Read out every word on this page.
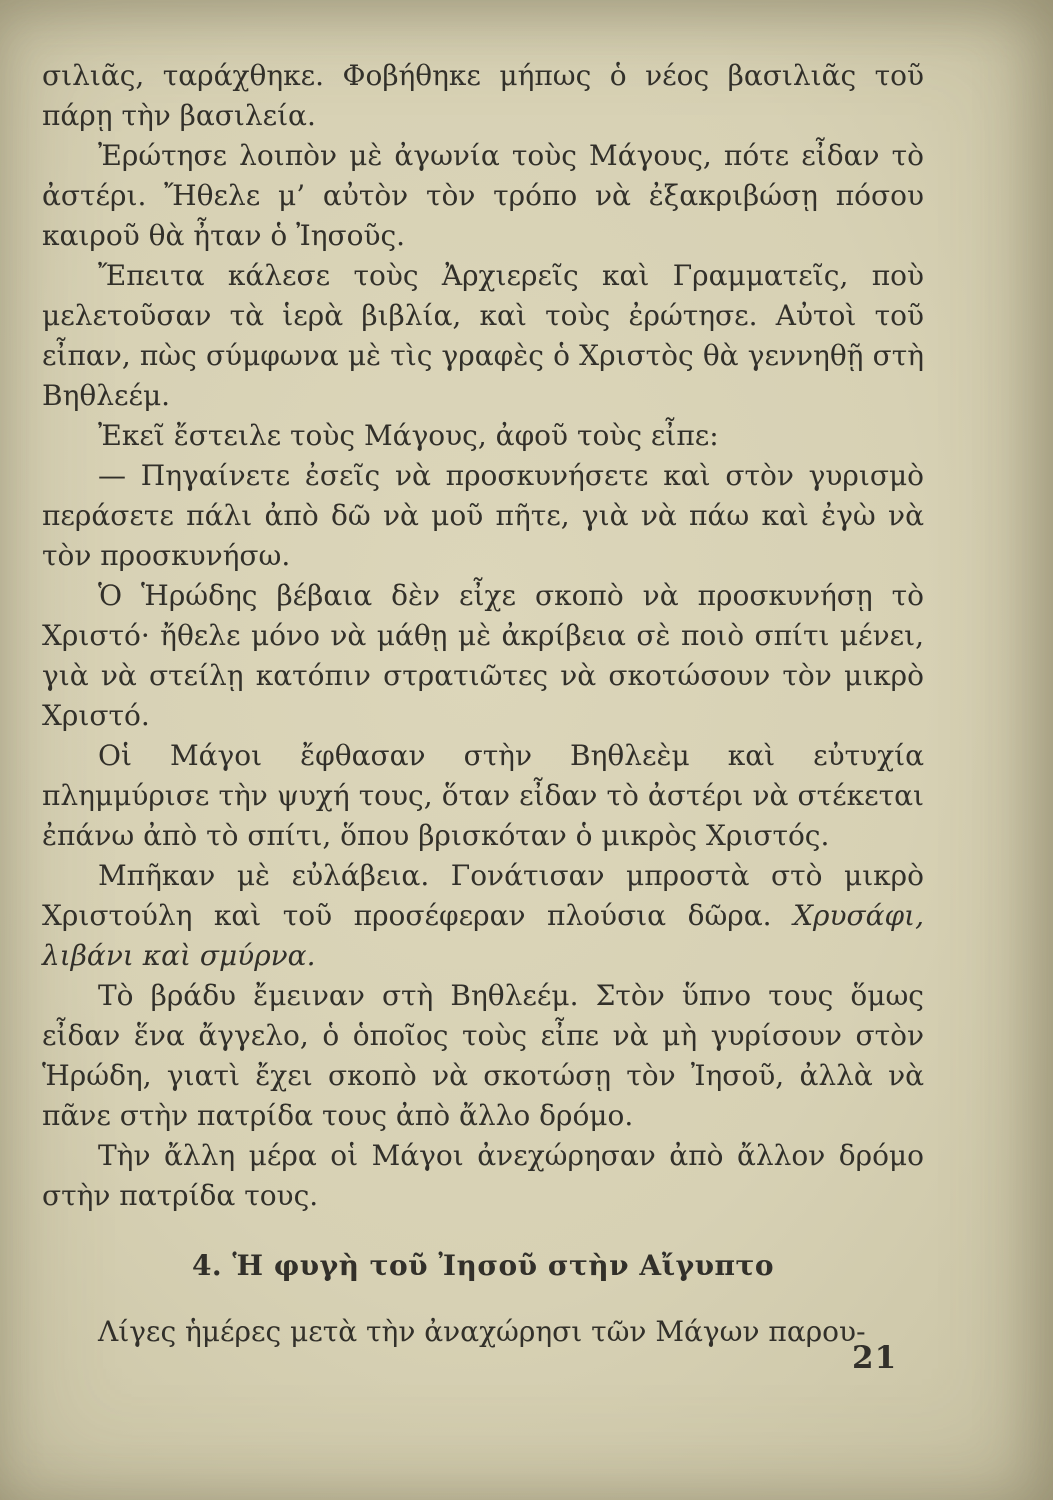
σιλιᾶς, ταράχθηκε. Φοβήθηκε μήπως ὁ νέος βασιλιᾶς τοῦ πάρῃ τὴν βασιλεία.

Ἐρώτησε λοιπὸν μὲ ἀγωνία τοὺς Μάγους, πότε εἶδαν τὸ ἀστέρι. Ἤθελε μ’ αὐτὸν τὸν τρόπο νὰ ἐξακριβώσῃ πόσου καιροῦ θὰ ἦταν ὁ Ἰησοῦς.

Ἔπειτα κάλεσε τοὺς Ἀρχιερεῖς καὶ Γραμματεῖς, ποὺ μελετοῦσαν τὰ ἱερὰ βιβλία, καὶ τοὺς ἐρώτησε. Αὐτοὶ τοῦ εἶπαν, πὼς σύμφωνα μὲ τὶς γραφὲς ὁ Χριστὸς θὰ γεννηθῇ στὴ Βηθλεέμ.

Ἐκεῖ ἔστειλε τοὺς Μάγους, ἀφοῦ τοὺς εἶπε:

— Πηγαίνετε ἐσεῖς νὰ προσκυνήσετε καὶ στὸν γυρισμὸ περάσετε πάλι ἀπὸ δῶ νὰ μοῦ πῆτε, γιὰ νὰ πάω καὶ ἐγὼ νὰ τὸν προσκυνήσω.

Ὁ Ἡρώδης βέβαια δὲν εἶχε σκοπὸ νὰ προσκυνήσῃ τὸ Χριστό· ἤθελε μόνο νὰ μάθῃ μὲ ἀκρίβεια σὲ ποιὸ σπίτι μένει, γιὰ νὰ στείλῃ κατόπιν στρατιῶτες νὰ σκοτώσουν τὸν μικρὸ Χριστό.

Οἱ Μάγοι ἔφθασαν στὴν Βηθλεὲμ καὶ εὐτυχία πλημμύρισε τὴν ψυχή τους, ὅταν εἶδαν τὸ ἀστέρι νὰ στέκεται ἐπάνω ἀπὸ τὸ σπίτι, ὅπου βρισκόταν ὁ μικρὸς Χριστός.

Μπῆκαν μὲ εὐλάβεια. Γονάτισαν μπροστὰ στὸ μικρὸ Χριστούλη καὶ τοῦ προσέφεραν πλούσια δῶρα. Χρυσάφι, λιβάνι καὶ σμύρνα.

Τὸ βράδυ ἔμειναν στὴ Βηθλεέμ. Στὸν ὕπνο τους ὅμως εἶδαν ἕνα ἄγγελο, ὁ ὁποῖος τοὺς εἶπε νὰ μὴ γυρίσουν στὸν Ἡρώδη, γιατὶ ἔχει σκοπὸ νὰ σκοτώσῃ τὸν Ἰησοῦ, ἀλλὰ νὰ πᾶνε στὴν πατρίδα τους ἀπὸ ἄλλο δρόμο.

Τὴν ἄλλη μέρα οἱ Μάγοι ἀνεχώρησαν ἀπὸ ἄλλον δρόμο στὴν πατρίδα τους.

4. Ἡ φυγὴ τοῦ Ἰησοῦ στὴν Αἴγυπτο

Λίγες ἡμέρες μετὰ τὴν ἀναχώρησι τῶν Μάγων παρου-

21
